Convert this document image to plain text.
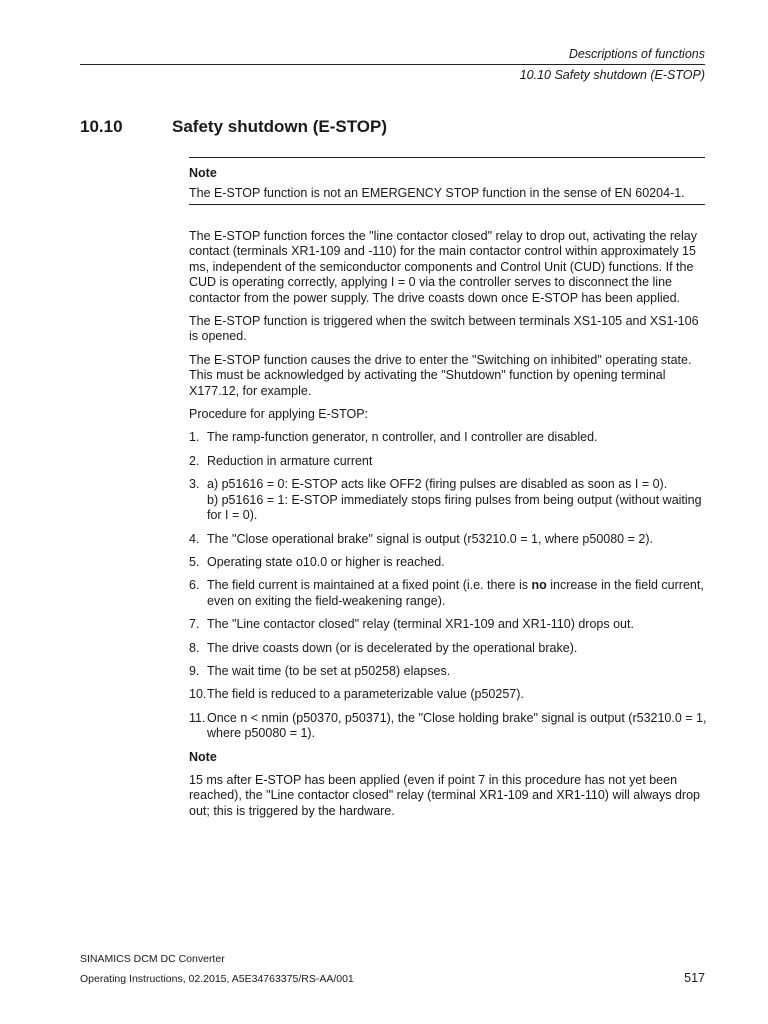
Descriptions of functions
10.10 Safety shutdown (E-STOP)
10.10	Safety shutdown (E-STOP)
Note
The E-STOP function is not an EMERGENCY STOP function in the sense of EN 60204-1.

The E-STOP function forces the "line contactor closed" relay to drop out, activating the relay contact (terminals XR1-109 and -110) for the main contactor control within approximately 15 ms, independent of the semiconductor components and Control Unit (CUD) functions. If the CUD is operating correctly, applying I = 0 via the controller serves to disconnect the line contactor from the power supply. The drive coasts down once E-STOP has been applied.

The E-STOP function is triggered when the switch between terminals XS1-105 and XS1-106 is opened.

The E-STOP function causes the drive to enter the "Switching on inhibited" operating state. This must be acknowledged by activating the "Shutdown" function by opening terminal X177.12, for example.

Procedure for applying E-STOP:

1. The ramp-function generator, n controller, and I controller are disabled.
2. Reduction in armature current
3. a) p51616 = 0: E-STOP acts like OFF2 (firing pulses are disabled as soon as I = 0).
b) p51616 = 1: E-STOP immediately stops firing pulses from being output (without waiting for I = 0).
4. The "Close operational brake" signal is output (r53210.0 = 1, where p50080 = 2).
5. Operating state o10.0 or higher is reached.
6. The field current is maintained at a fixed point (i.e. there is no increase in the field current, even on exiting the field-weakening range).
7. The "Line contactor closed" relay (terminal XR1-109 and XR1-110) drops out.
8. The drive coasts down (or is decelerated by the operational brake).
9. The wait time (to be set at p50258) elapses.
10. The field is reduced to a parameterizable value (p50257).
11. Once n < nmin (p50370, p50371), the "Close holding brake" signal is output (r53210.0 = 1, where p50080 = 1).

Note

15 ms after E-STOP has been applied (even if point 7 in this procedure has not yet been reached), the "Line contactor closed" relay (terminal XR1-109 and XR1-110) will always drop out; this is triggered by the hardware.

SINAMICS DCM DC Converter
Operating Instructions, 02.2015, A5E34763375/RS-AA/001	517
